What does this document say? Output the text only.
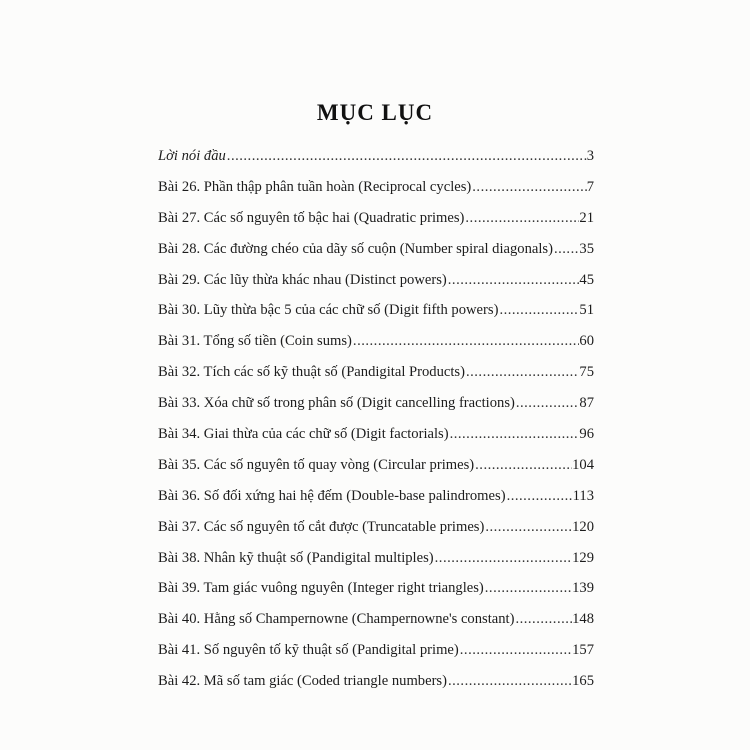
MỤC LỤC
Lời nói đầu .....	3
Bài 26. Phần thập phân tuần hoàn (Reciprocal cycles) .....	7
Bài 27. Các số nguyên tố bậc hai (Quadratic primes) .....	21
Bài 28. Các đường chéo của dãy số cuộn (Number spiral diagonals) ..... 35
Bài 29. Các lũy thừa khác nhau (Distinct powers) .....	45
Bài 30. Lũy thừa bậc 5 của các chữ số (Digit fifth powers) .....	51
Bài 31. Tổng số tiền (Coin sums) .....	60
Bài 32. Tích các số kỹ thuật số (Pandigital Products) .....	75
Bài 33. Xóa chữ số trong phân số (Digit cancelling fractions) .....	87
Bài 34. Giai thừa của các chữ số (Digit factorials) .....	96
Bài 35. Các số nguyên tố quay vòng (Circular primes) .....	104
Bài 36. Số đối xứng hai hệ đếm (Double-base palindromes) .....	113
Bài 37. Các số nguyên tố cắt được (Truncatable primes) .....	120
Bài 38. Nhân kỹ thuật số (Pandigital multiples) .....	129
Bài 39. Tam giác vuông nguyên (Integer right triangles) .....	139
Bài 40. Hằng số Champernowne (Champernowne's constant) .....	148
Bài 41. Số nguyên tố kỹ thuật số (Pandigital prime) .....	157
Bài 42. Mã số tam giác (Coded triangle numbers) .....	165
